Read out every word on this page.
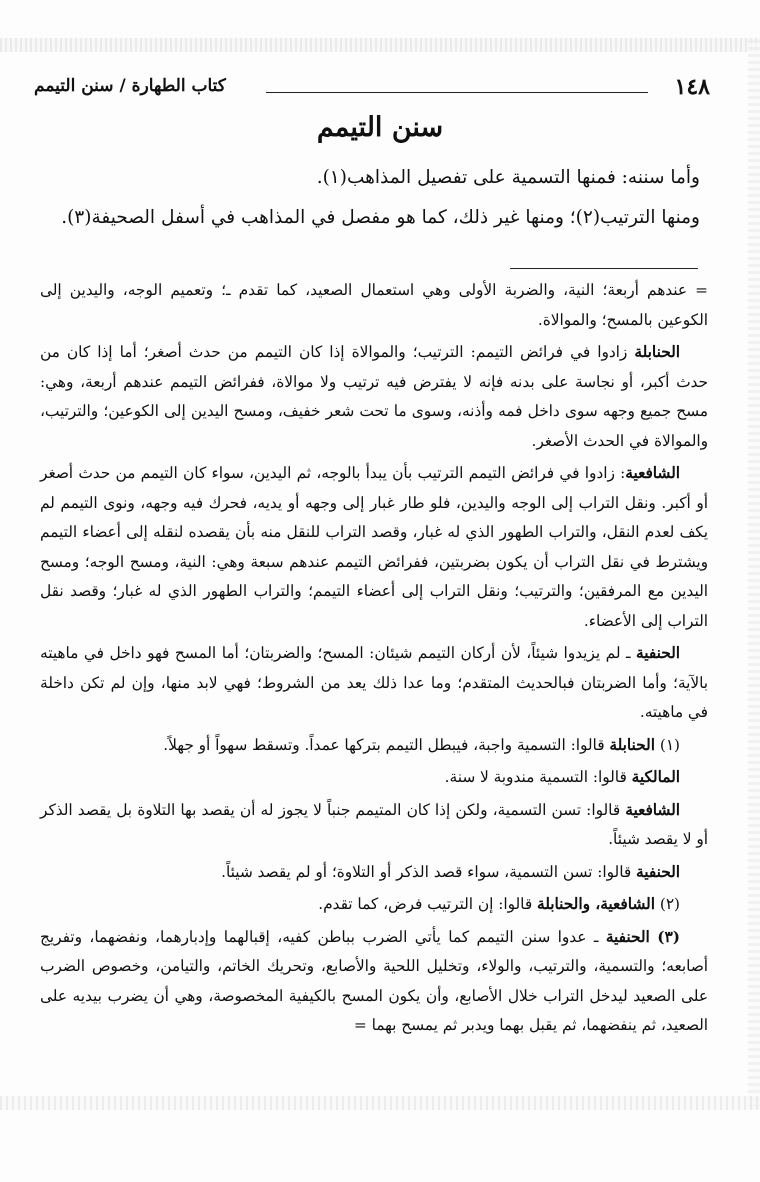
١٤٨
كتاب الطهارة / سنن التيمم
سنن التيمم

وأما سننه: فمنها التسمية على تفصيل المذاهب(١).

ومنها الترتيب(٢)؛ ومنها غير ذلك، كما هو مفصل في المذاهب في أسفل الصحيفة(٣).

= عندهم أربعة؛ النية، والضربة الأولى وهي استعمال الصعيد، كما تقدم ـ؛ وتعميم الوجه، واليدين إلى الكوعين بالمسح؛ والموالاة.

الحنابلة زادوا في فرائض التيمم: الترتيب؛ والموالاة إذا كان التيمم من حدث أصغر؛ أما إذا كان من حدث أكبر، أو نجاسة على بدنه فإنه لا يفترض فيه ترتيب ولا موالاة، ففرائض التيمم عندهم أربعة، وهي: مسح جميع وجهه سوى داخل فمه وأذنه، وسوى ما تحت شعر خفيف، ومسح اليدين إلى الكوعين؛ والترتيب، والموالاة في الحدث الأصغر.

الشافعية: زادوا في فرائض التيمم الترتيب بأن يبدأ بالوجه، ثم اليدين، سواء كان التيمم من حدث أصغر أو أكبر. ونقل التراب إلى الوجه واليدين، فلو طار غبار إلى وجهه أو يديه، فحرك فيه وجهه، ونوى التيمم لم يكف لعدم النقل، والتراب الطهور الذي له غبار، وقصد التراب للنقل منه بأن يقصده لنقله إلى أعضاء التيمم ويشترط في نقل التراب أن يكون بضربتين، ففرائض التيمم عندهم سبعة وهي: النية، ومسح الوجه؛ ومسح اليدين مع المرفقين؛ والترتيب؛ ونقل التراب إلى أعضاء التيمم؛ والتراب الطهور الذي له غبار؛ وقصد نقل التراب إلى الأعضاء.

الحنفية ـ لم يزيدوا شيئاً، لأن أركان التيمم شيئان: المسح؛ والضربتان؛ أما المسح فهو داخل في ماهيته بالآية؛ وأما الضربتان فبالحديث المتقدم؛ وما عدا ذلك يعد من الشروط؛ فهي لابد منها، وإن لم تكن داخلة في ماهيته.

(١) الحنابلة قالوا: التسمية واجبة، فيبطل التيمم بتركها عمداً. وتسقط سهواً أو جهلاً.

المالكية قالوا: التسمية مندوبة لا سنة.

الشافعية قالوا: تسن التسمية، ولكن إذا كان المتيمم جنباً لا يجوز له أن يقصد بها التلاوة بل يقصد الذكر أو لا يقصد شيئاً.

الحنفية قالوا: تسن التسمية، سواء قصد الذكر أو التلاوة؛ أو لم يقصد شيئاً.

(٢) الشافعية، والحنابلة قالوا: إن الترتيب فرض، كما تقدم.

(٣) الحنفية ـ عدوا سنن التيمم كما يأتي الضرب بباطن كفيه، إقبالهما وإدبارهما، ونفضهما، وتفريج أصابعه؛ والتسمية، والترتيب، والولاء، وتخليل اللحية والأصابع، وتحريك الخاتم، والتيامن، وخصوص الضرب على الصعيد ليدخل التراب خلال الأصابع، وأن يكون المسح بالكيفية المخصوصة، وهي أن يضرب بيديه على الصعيد، ثم ينفضهما، ثم يقبل بهما ويدبر ثم يمسح بهما =
